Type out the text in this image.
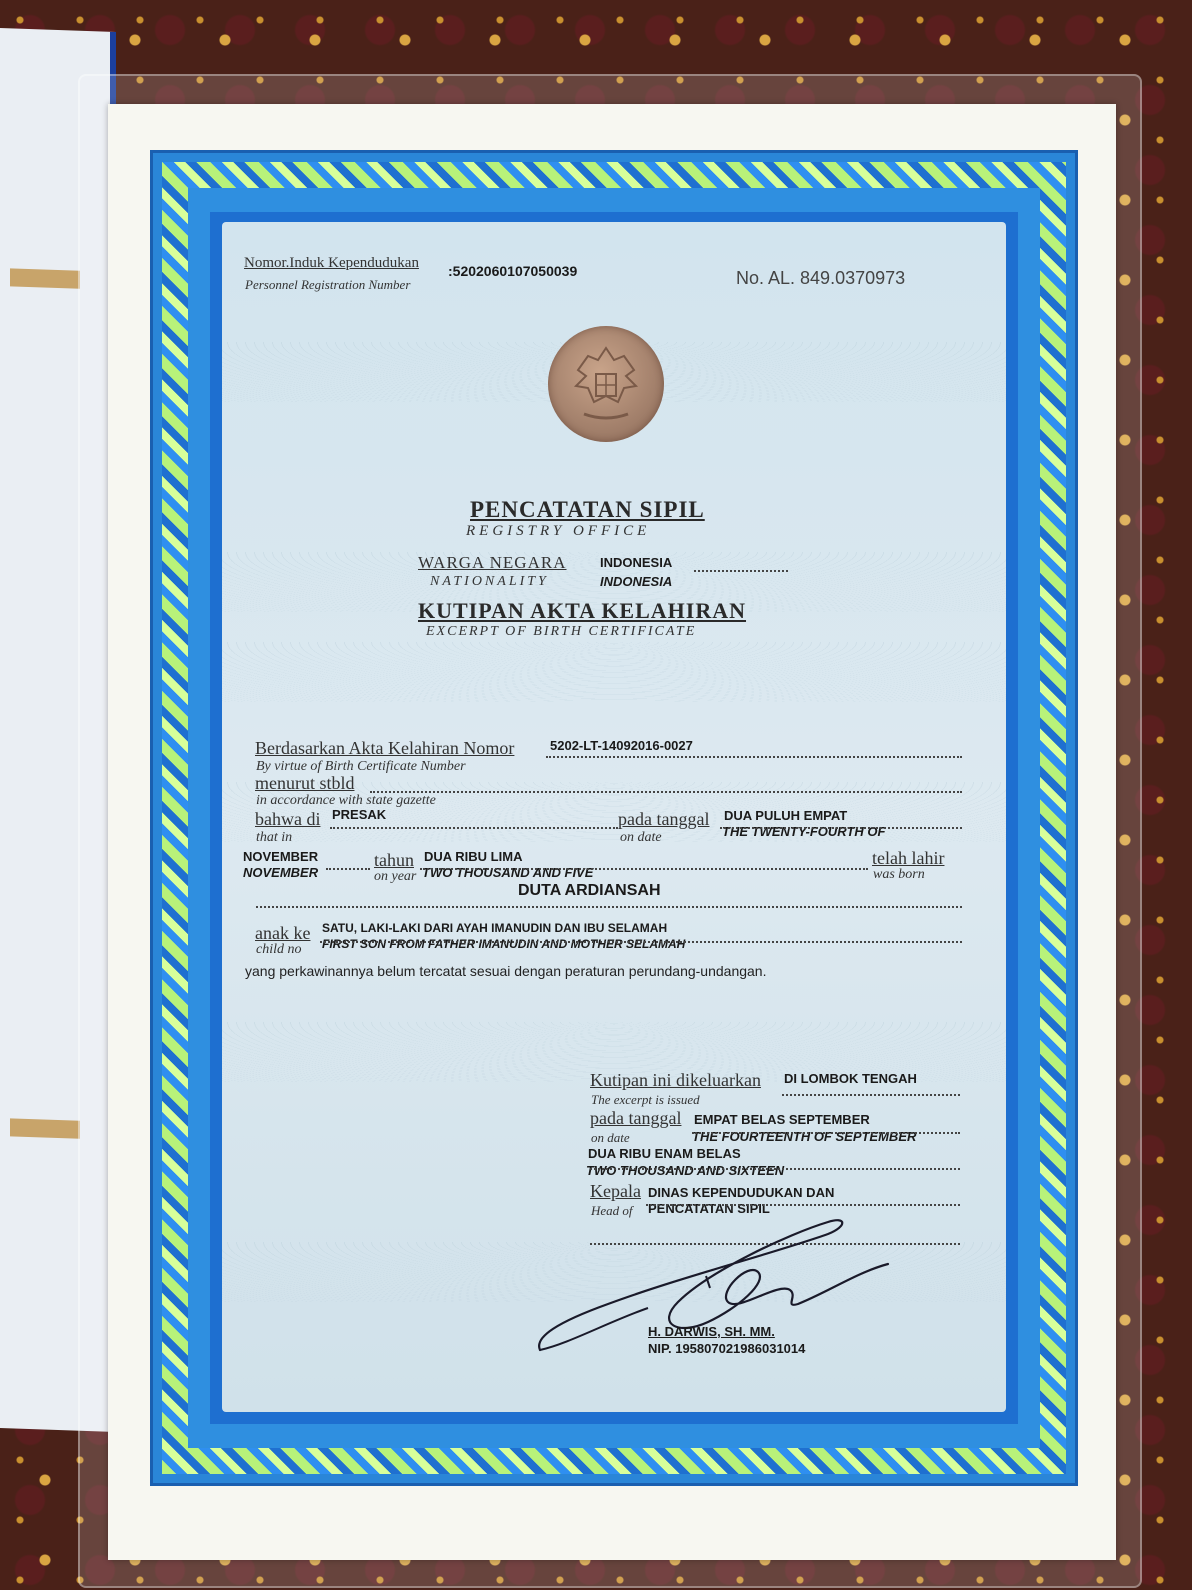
Nomor.Induk Kependudukan
Personnel Registration Number
:5202060107050039	No. AL. 849.0370973
PENCATATAN SIPIL
REGISTRY OFFICE
WARGA NEGARA
NATIONALITY
INDONESIA
INDONESIA
KUTIPAN AKTA KELAHIRAN
EXCERPT OF BIRTH CERTIFICATE
Berdasarkan Akta Kelahiran Nomor
By virtue of Birth Certificate Number
5202-LT-14092016-0027
menurut stbld
in accordance with state gazette
bahwa di
that in
PRESAK	pada tanggal
on date
DUA PULUH EMPAT
THE TWENTY-FOURTH OF
NOVEMBER
NOVEMBER
tahun
on year
DUA RIBU LIMA
TWO THOUSAND AND FIVE
telah lahir
was born
DUTA ARDIANSAH
anak ke
child no
SATU, LAKI-LAKI DARI AYAH IMANUDIN DAN IBU SELAMAH
FIRST SON FROM FATHER IMANUDIN AND MOTHER SELAMAH
yang perkawinannya belum tercatat sesuai dengan peraturan perundang-undangan.
Kutipan ini dikeluarkan
The excerpt is issued
DI LOMBOK TENGAH
pada tanggal
on date
EMPAT BELAS SEPTEMBER
THE FOURTEENTH OF SEPTEMBER
DUA RIBU ENAM BELAS
TWO THOUSAND AND SIXTEEN
Kepala
Head of
DINAS KEPENDUDUKAN DAN
PENCATATAN SIPIL
H. DARWIS, SH. MM.
NIP. 195807021986031014
